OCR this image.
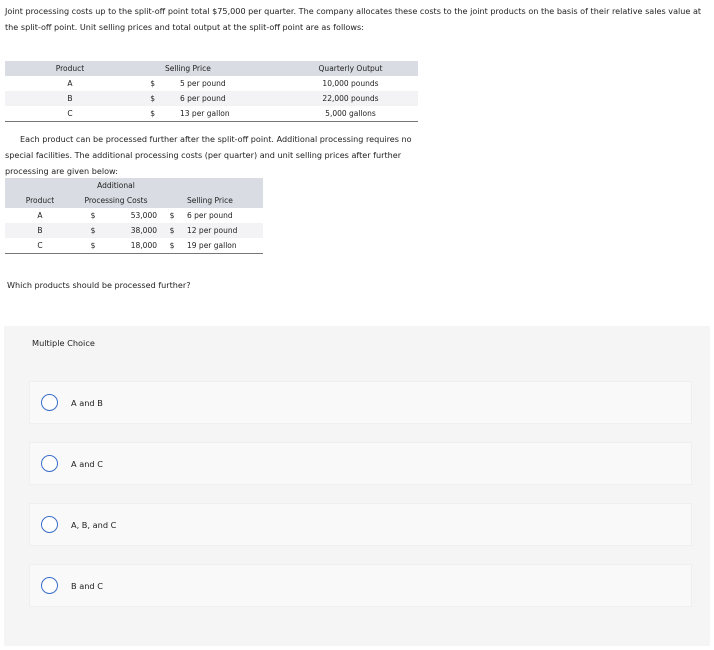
Joint processing costs up to the split-off point total $75,000 per quarter. The company allocates these costs to the joint products on the basis of their relative sales value at the split-off point. Unit selling prices and total output at the split-off point are as follows:
Product		Selling Price	Quarterly Output
A	$	5 per pound	10,000 pounds
B	$	6 per pound	22,000 pounds
C	$	13 per gallon	5,000 gallons
Each product can be processed further after the split-off point. Additional processing requires no special facilities. The additional processing costs (per quarter) and unit selling prices after further processing are given below:
	Additional			
Product	Processing Costs			Selling Price
A	$	53,000	$	6 per pound
B	$	38,000	$	12 per pound
C	$	18,000	$	19 per gallon
Which products should be processed further?
Multiple Choice
A and B
A and C
A, B, and C
B and C
